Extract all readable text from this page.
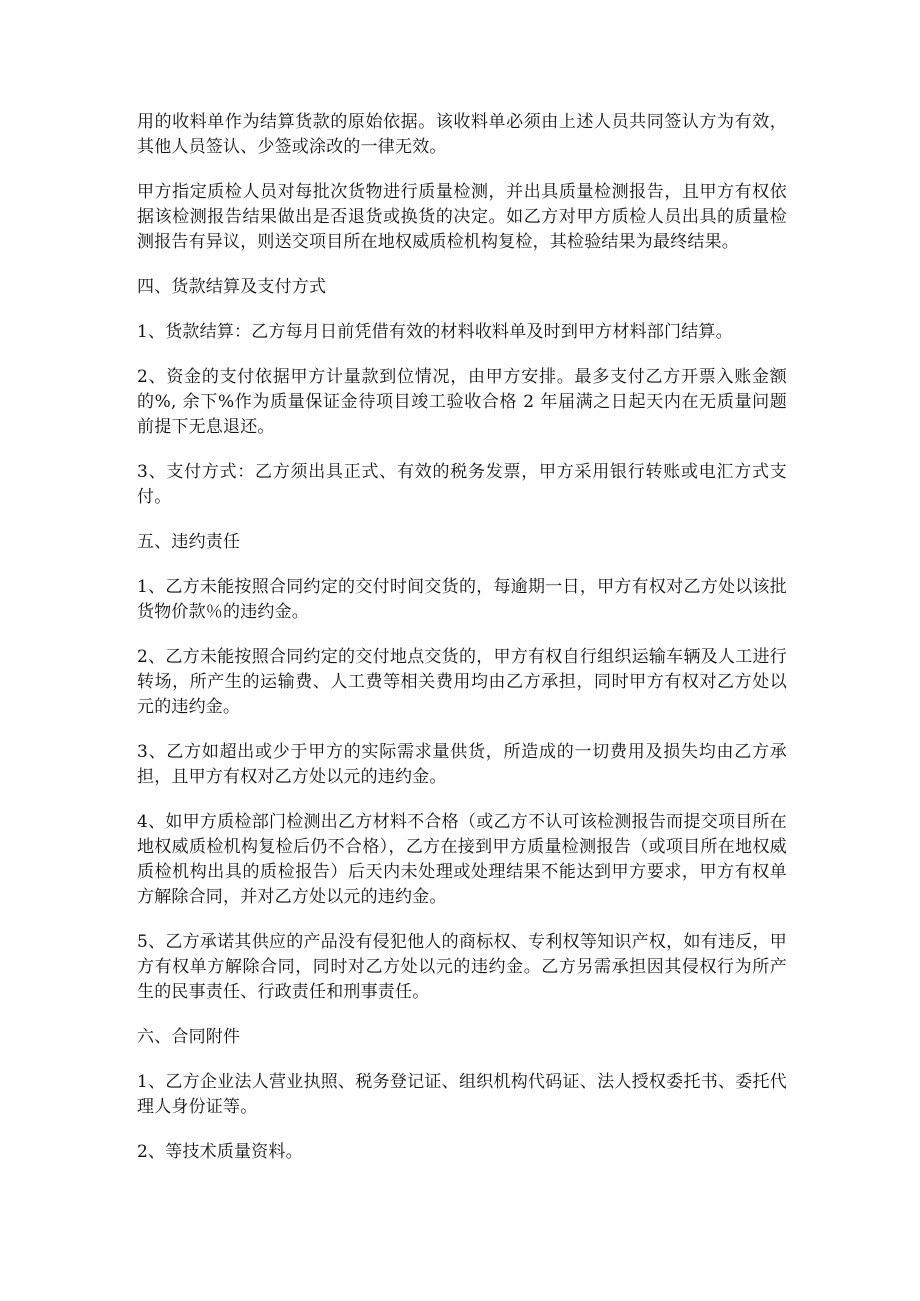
用的收料单作为结算货款的原始依据。该收料单必须由上述人员共同签认方为有效，其他人员签认、少签或涂改的一律无效。

甲方指定质检人员对每批次货物进行质量检测，并出具质量检测报告，且甲方有权依据该检测报告结果做出是否退货或换货的决定。如乙方对甲方质检人员出具的质量检测报告有异议，则送交项目所在地权威质检机构复检，其检验结果为最终结果。

四、货款结算及支付方式

1、货款结算：乙方每月日前凭借有效的材料收料单及时到甲方材料部门结算。

2、资金的支付依据甲方计量款到位情况，由甲方安排。最多支付乙方开票入账金额的%, 余下%作为质量保证金待项目竣工验收合格 2 年届满之日起天内在无质量问题前提下无息退还。

3、支付方式：乙方须出具正式、有效的税务发票，甲方采用银行转账或电汇方式支付。

五、违约责任

1、乙方未能按照合同约定的交付时间交货的，每逾期一日，甲方有权对乙方处以该批货物价款％的违约金。

2、乙方未能按照合同约定的交付地点交货的，甲方有权自行组织运输车辆及人工进行转场，所产生的运输费、人工费等相关费用均由乙方承担，同时甲方有权对乙方处以元的违约金。

3、乙方如超出或少于甲方的实际需求量供货，所造成的一切费用及损失均由乙方承担，且甲方有权对乙方处以元的违约金。

4、如甲方质检部门检测出乙方材料不合格（或乙方不认可该检测报告而提交项目所在地权威质检机构复检后仍不合格），乙方在接到甲方质量检测报告（或项目所在地权威质检机构出具的质检报告）后天内未处理或处理结果不能达到甲方要求，甲方有权单方解除合同，并对乙方处以元的违约金。

5、乙方承诺其供应的产品没有侵犯他人的商标权、专利权等知识产权，如有违反，甲方有权单方解除合同，同时对乙方处以元的违约金。乙方另需承担因其侵权行为所产生的民事责任、行政责任和刑事责任。

六、合同附件

1、乙方企业法人营业执照、税务登记证、组织机构代码证、法人授权委托书、委托代理人身份证等。

2、等技术质量资料。
